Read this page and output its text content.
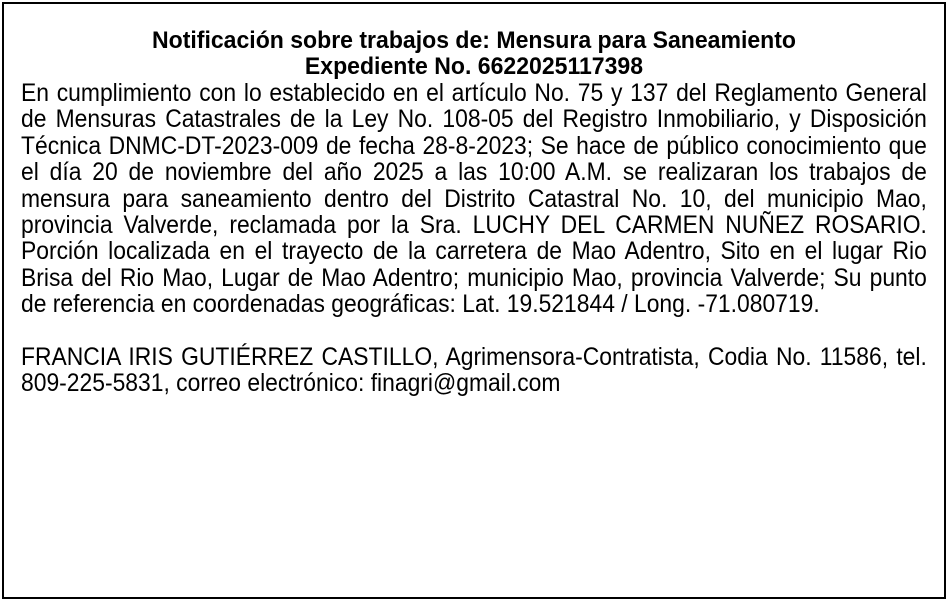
Notificación sobre trabajos de: Mensura para Saneamiento
Expediente No. 6622025117398
En cumplimiento con lo establecido en el artículo No. 75 y 137 del Reglamento General de Mensuras Catastrales de la Ley No. 108-05 del Registro Inmobiliario, y Disposición Técnica DNMC-DT-2023-009 de fecha 28-8-2023; Se hace de público conocimiento que el día 20 de noviembre del año 2025 a las 10:00 A.M. se realizaran los trabajos de mensura para saneamiento dentro del Distrito Catastral No. 10, del municipio Mao, provincia Valverde, reclamada por la Sra. LUCHY DEL CARMEN NUÑEZ ROSARIO. Porción localizada en el trayecto de la carretera de Mao Adentro, Sito en el lugar Rio Brisa del Rio Mao, Lugar de Mao Adentro; municipio Mao, provincia Valverde; Su punto de referencia en coordenadas geográficas: Lat. 19.521844 / Long. -71.080719.
FRANCIA IRIS GUTIÉRREZ CASTILLO, Agrimensora-Contratista, Codia No. 11586, tel. 809-225-5831, correo electrónico: finagri@gmail.com
